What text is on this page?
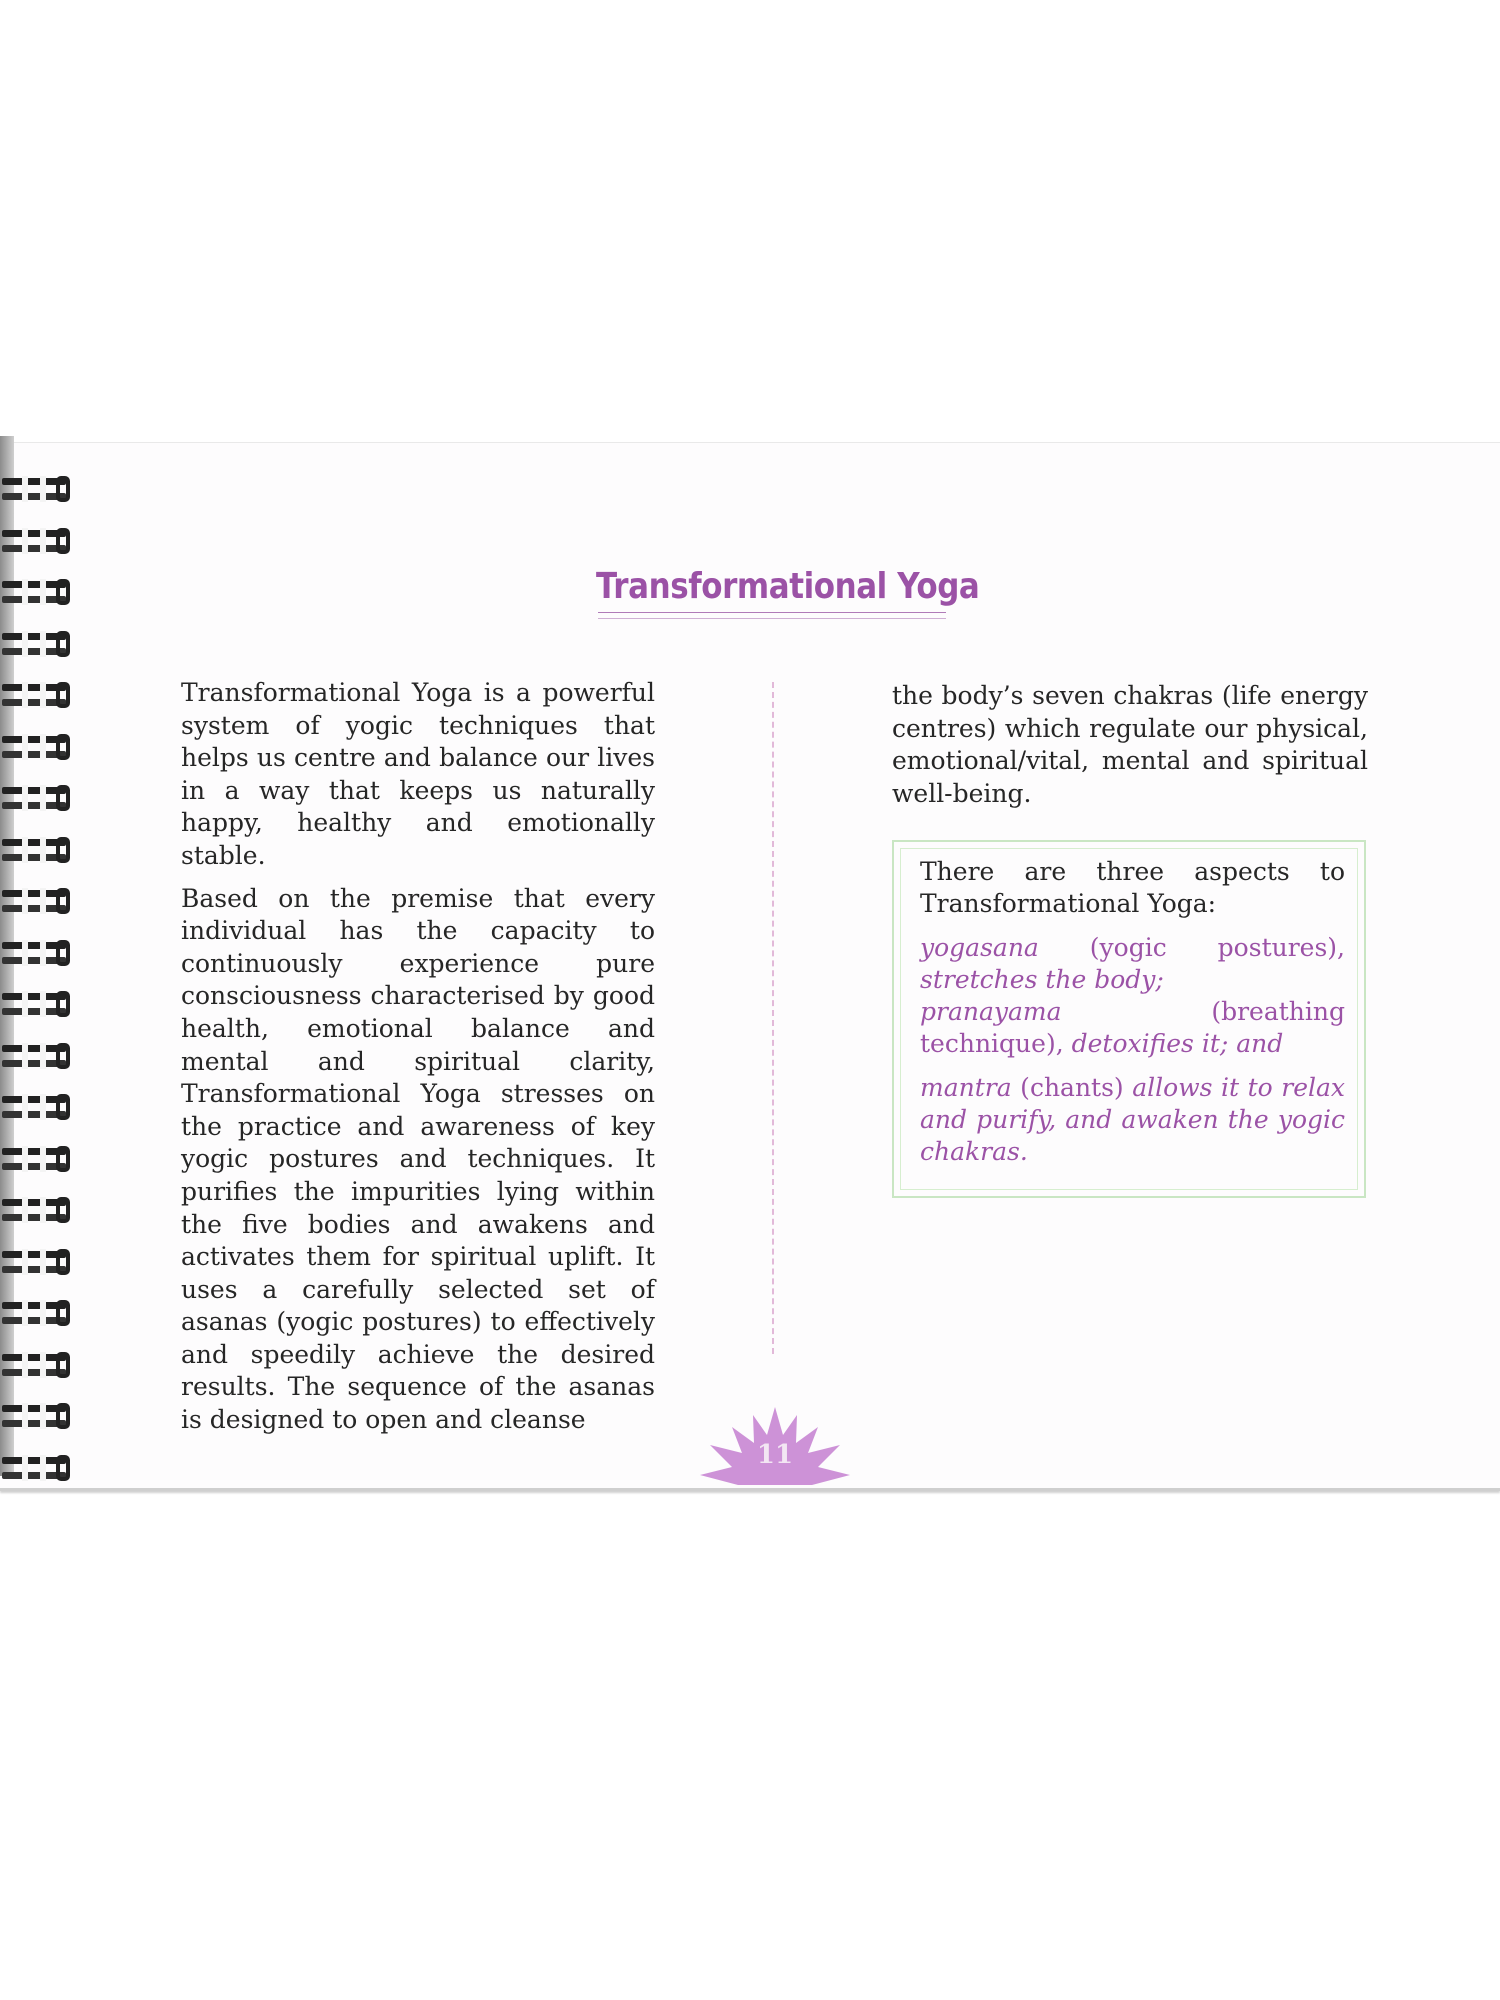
Transformational Yoga

Transformational Yoga is a powerful system of yogic techniques that helps us centre and balance our lives in a way that keeps us naturally happy, healthy and emotionally stable.

Based on the premise that every individual has the capacity to continuously experience pure consciousness characterised by good health, emotional balance and mental and spiritual clarity, Transformational Yoga stresses on the practice and awareness of key yogic postures and techniques. It purifies the impurities lying within the five bodies and awakens and activates them for spiritual uplift. It uses a carefully selected set of asanas (yogic postures) to effectively and speedily achieve the desired results. The sequence of the asanas is designed to open and cleanse

the body’s seven chakras (life energy centres) which regulate our physical, emotional/vital, mental and spiritual well-being.

There are three aspects to Transformational Yoga:

yogasana (yogic postures), stretches the body;

pranayama (breathing technique), detoxifies it; and

mantra (chants) allows it to relax and purify, and awaken the yogic chakras.

11
